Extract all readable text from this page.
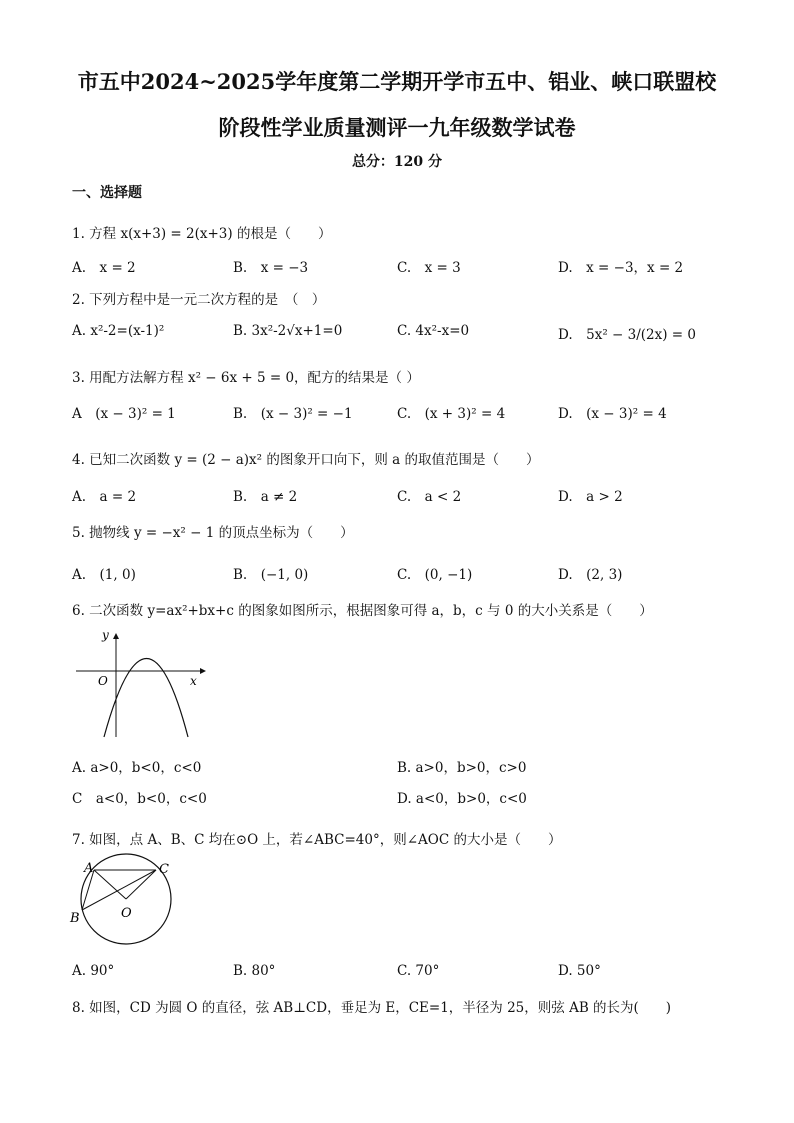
市五中2024~2025学年度第二学期开学市五中、铝业、峡口联盟校
阶段性学业质量测评一九年级数学试卷
总分：120 分
一、选择题
1. 方程 x(x+3) = 2(x+3) 的根是（　　）
A.　x = 2	B.　x = −3	C.　x = 3	D.　x = −3，x = 2
2. 下列方程中是一元二次方程的是　（　）
A. x²-2=(x-1)²	B. 3x²-2√x+1=0	C. 4x²-x=0	D.　5x² − 3/(2x) = 0
3. 用配方法解方程 x² − 6x + 5 = 0，配方的结果是（ ）
A　(x − 3)² = 1	B.　(x − 3)² = −1	C.　(x + 3)² = 4	D.　(x − 3)² = 4
4. 已知二次函数 y = (2 − a)x² 的图象开口向下，则 a 的取值范围是（　　）
A.　a = 2	B.　a ≠ 2	C.　a < 2	D.　a > 2
5. 抛物线 y = −x² − 1 的顶点坐标为（　　）
A.　(1, 0)	B.　(−1, 0)	C.　(0, −1)	D.　(2, 3)
6. 二次函数 y=ax²+bx+c 的图象如图所示，根据图象可得 a，b，c 与 0 的大小关系是（　　）
y
x
O
A. a>0，b<0，c<0	B. a>0，b>0，c>0
C　a<0，b<0，c<0	D. a<0，b>0，c<0
7. 如图，点 A、B、C 均在⊙O 上，若∠ABC=40°，则∠AOC 的大小是（　　）
A	C
B	O
A. 90°	B. 80°	C. 70°	D. 50°
8. 如图，CD 为圆 O 的直径，弦 AB⊥CD，垂足为 E，CE=1，半径为 25，则弦 AB 的长为(　　)
